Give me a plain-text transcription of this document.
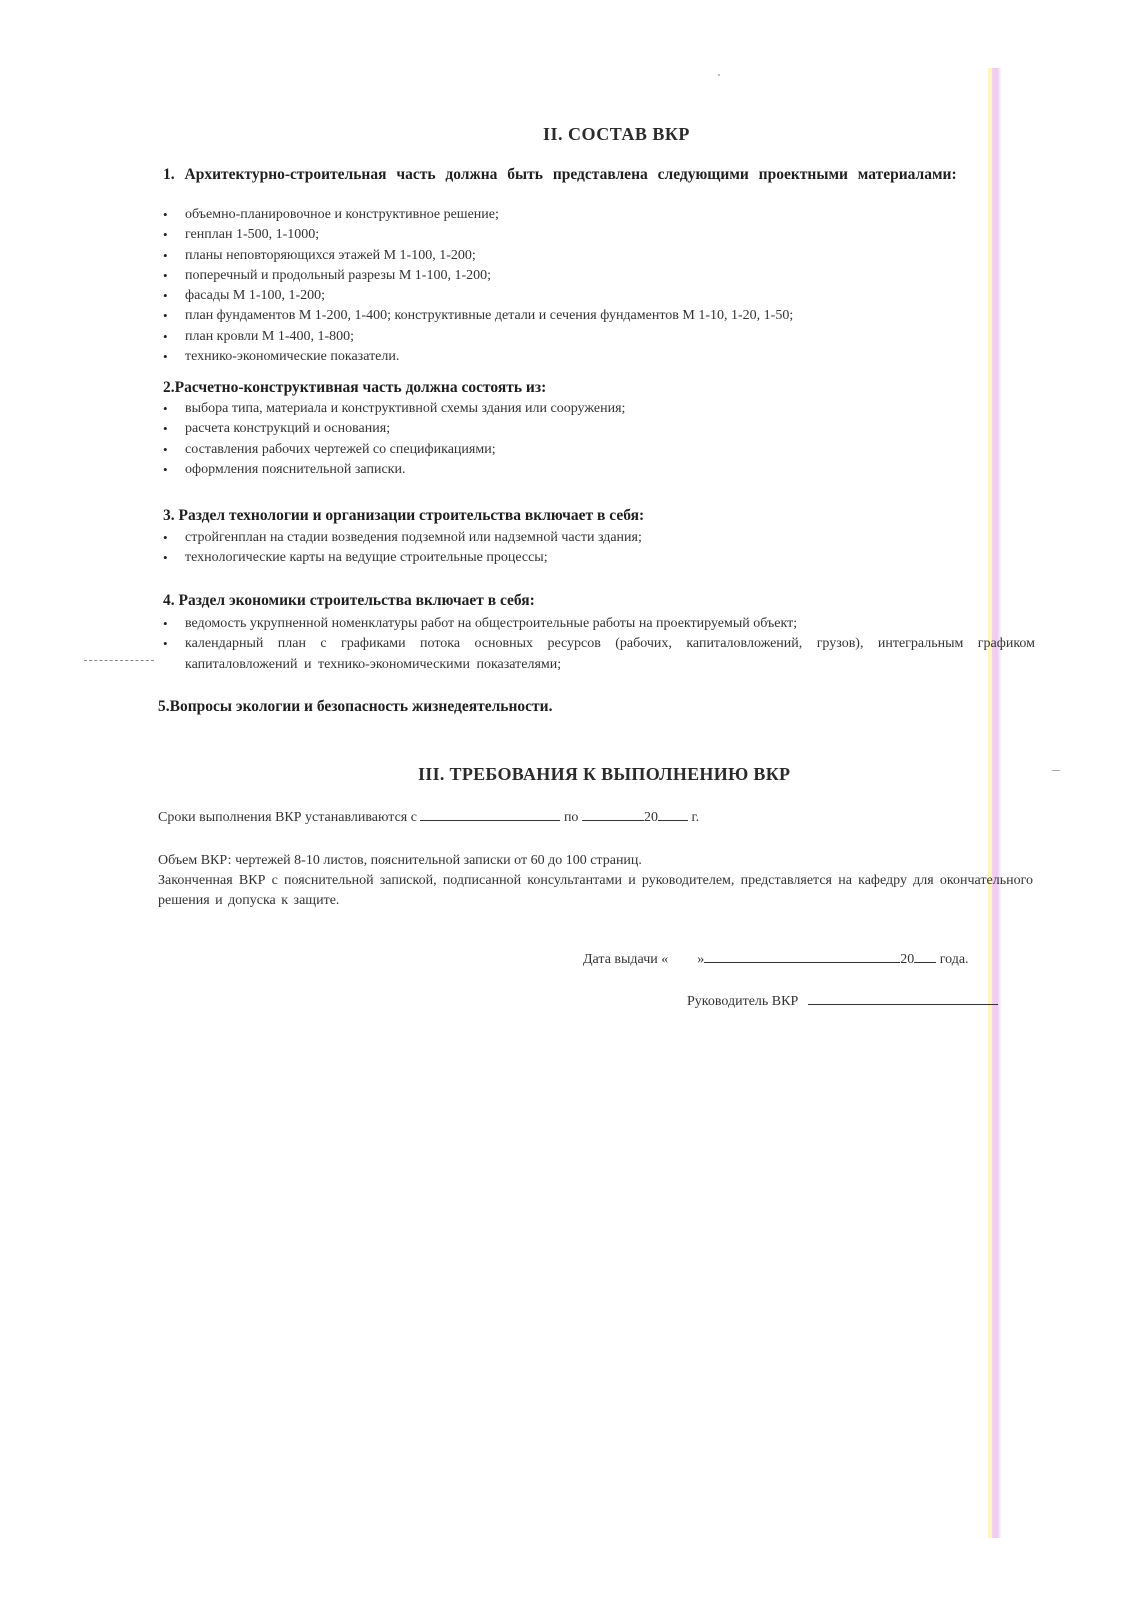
II. СОСТАВ ВКР
1. Архитектурно-строительная часть должна быть представлена следующими проектными материалами:
• объемно-планировочное и конструктивное решение;
• генплан 1-500, 1-1000;
• планы неповторяющихся этажей М 1-100, 1-200;
• поперечный и продольный разрезы М 1-100, 1-200;
• фасады М 1-100, 1-200;
• план фундаментов М 1-200, 1-400; конструктивные детали и сечения фундаментов М 1-10, 1-20, 1-50;
• план кровли М 1-400, 1-800;
• технико-экономические показатели.
2.Расчетно-конструктивная часть должна состоять из:
• выбора типа, материала и конструктивной схемы здания или сооружения;
• расчета конструкций и основания;
• составления рабочих чертежей со спецификациями;
• оформления пояснительной записки.
3. Раздел технологии и организации строительства включает в себя:
• стройгенплан на стадии возведения подземной или надземной части здания;
• технологические карты на ведущие строительные процессы;
4. Раздел экономики строительства включает в себя:
• ведомость укрупненной номенклатуры работ на общестроительные работы на проектируемый объект;
• календарный план с графиками потока основных ресурсов (рабочих, капиталовложений, грузов), интегральным графиком капиталовложений и технико-экономическими показателями;
5.Вопросы экологии и безопасность жизнедеятельности.
III. ТРЕБОВАНИЯ К ВЫПОЛНЕНИЮ ВКР
Сроки выполнения ВКР устанавливаются с	по	20 г.
Объем ВКР: чертежей 8-10 листов, пояснительной записки от 60 до 100 страниц.
Законченная ВКР с пояснительной запиской, подписанной консультантами и руководителем, представляется на кафедру для окончательного решения и допуска к защите.
Дата выдачи « »	20 года.
Руководитель ВКР
